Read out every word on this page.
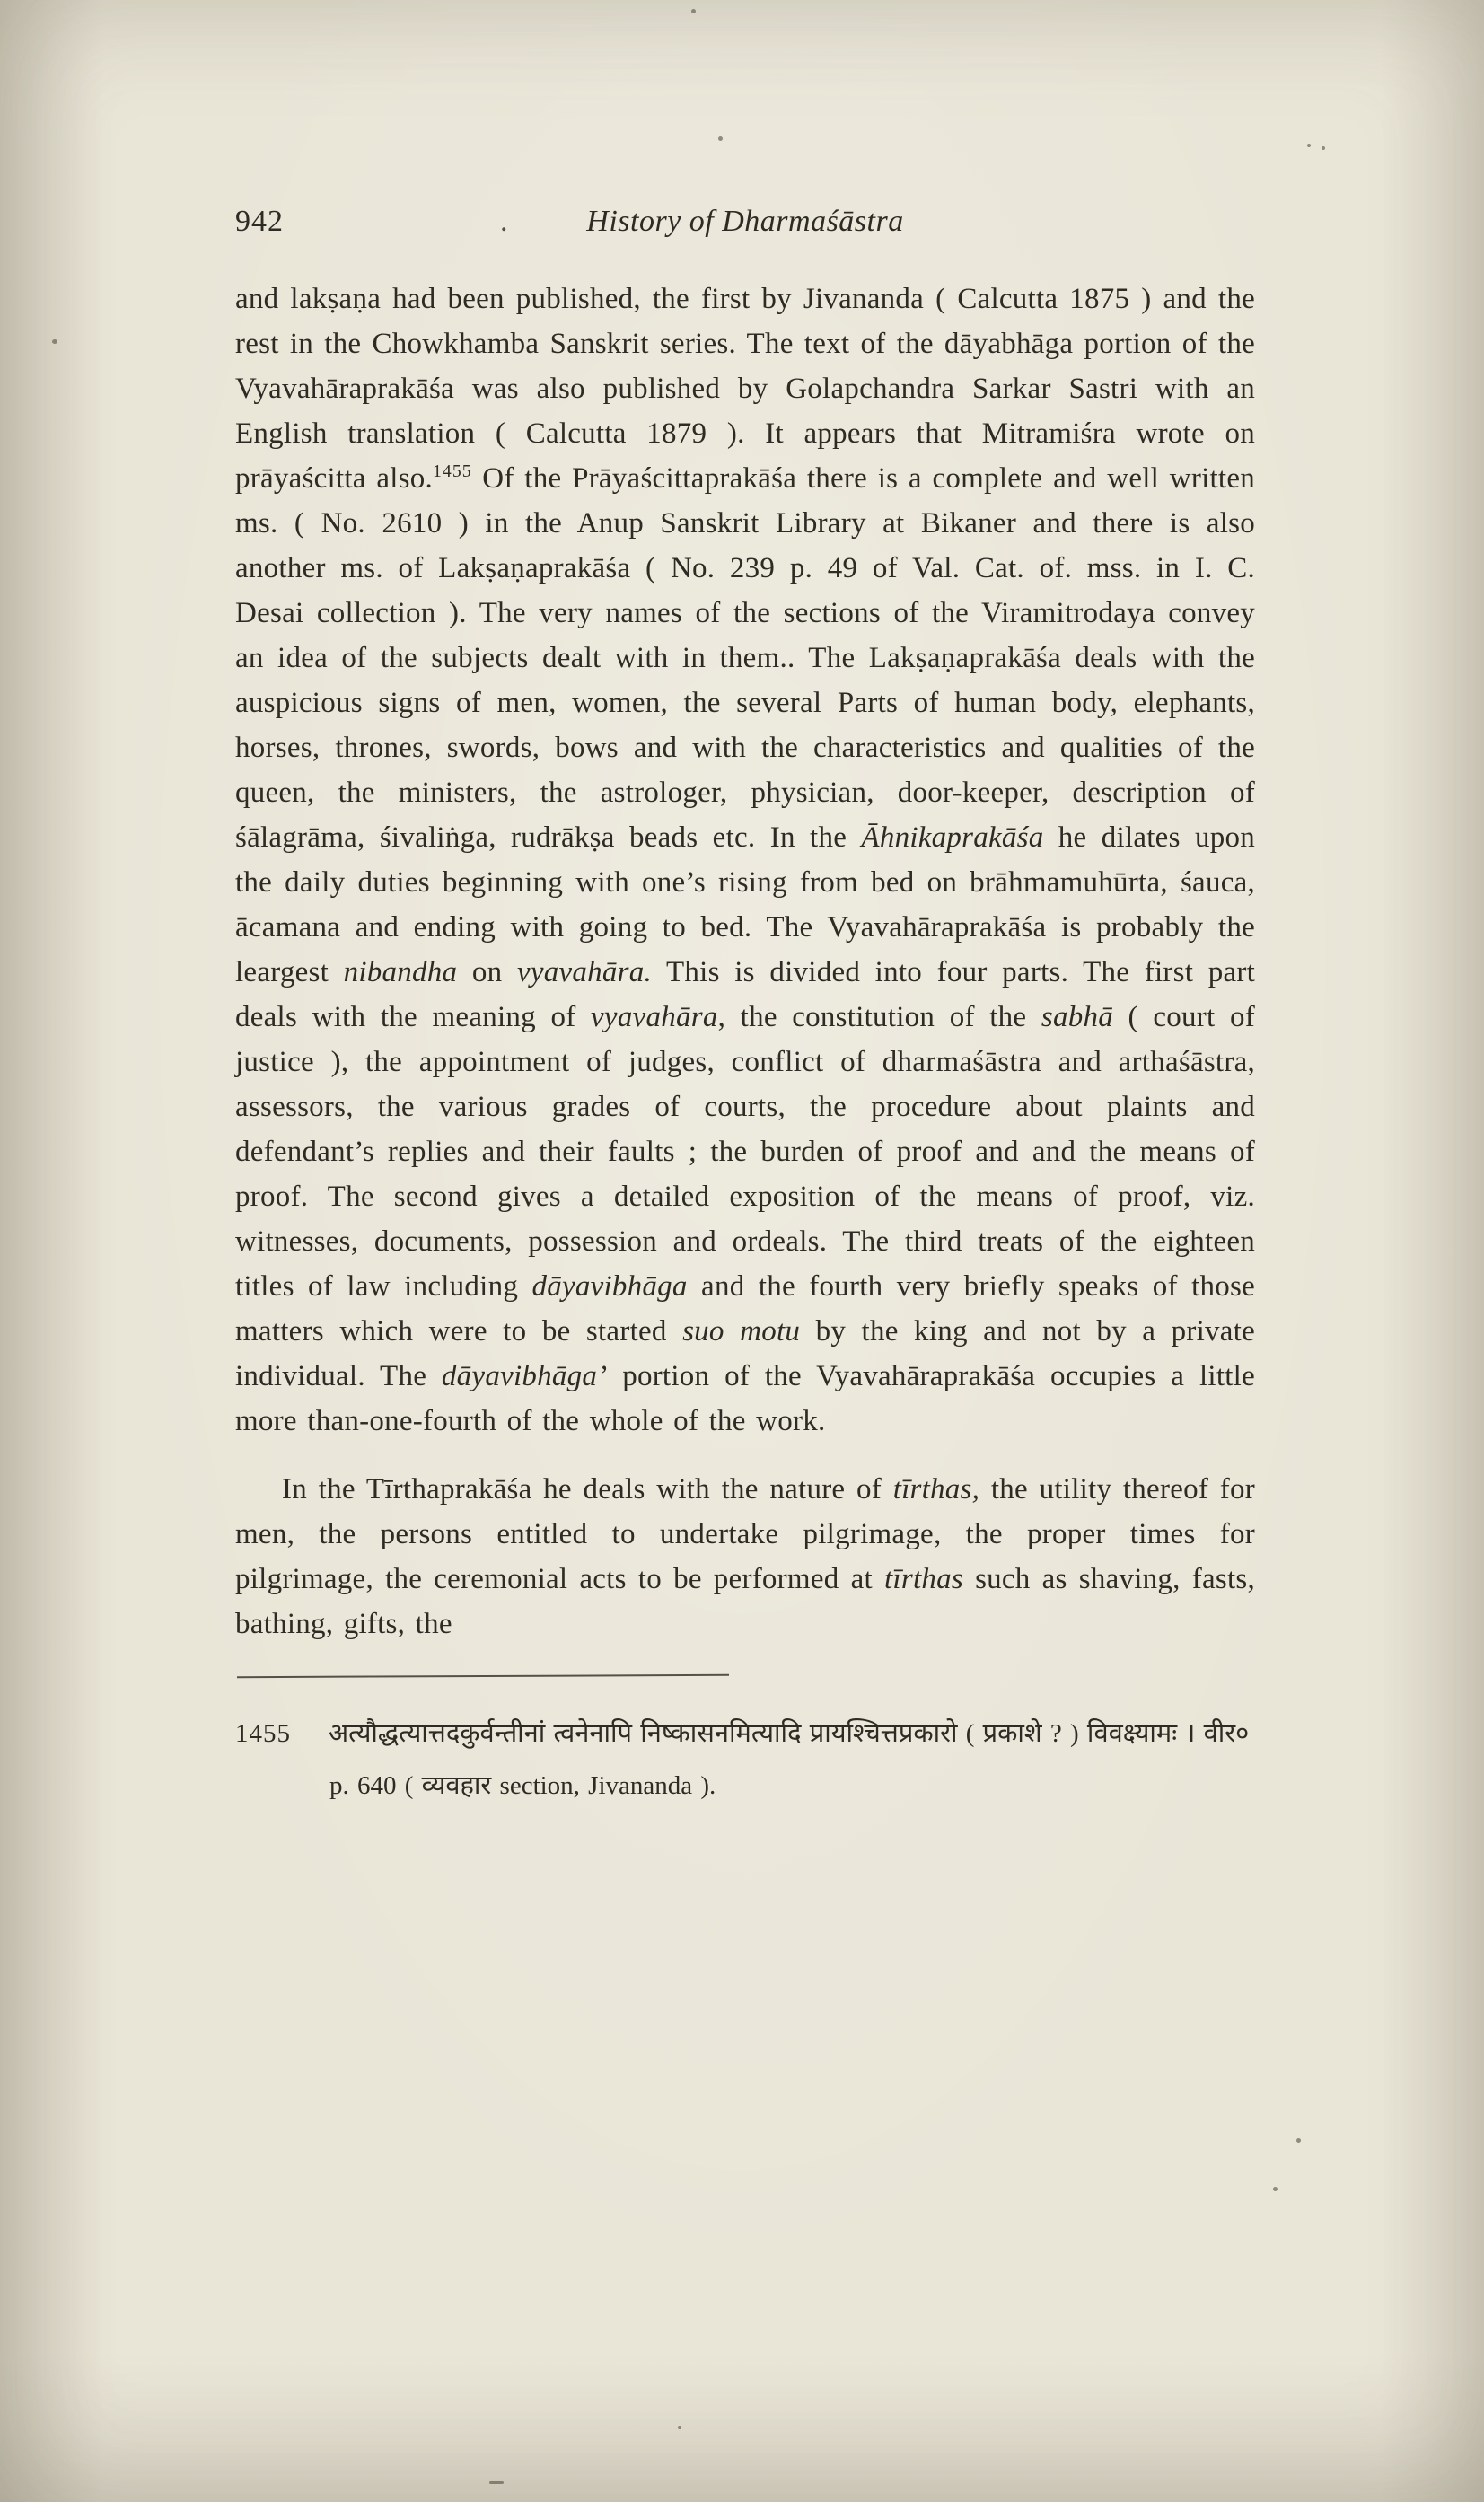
942	.	History of Dharmaśāstra

and lakṣaṇa had been published, the first by Jivananda ( Calcutta 1875 ) and the rest in the Chowkhamba Sanskrit series. The text of the dāyabhāga portion of the Vyavahāraprakāśa was also published by Golapchandra Sarkar Sastri with an English translation ( Calcutta 1879 ). It appears that Mitramiśra wrote on prāyaścitta also.$^{1455}$ Of the Prāyaścittaprakāśa there is a complete and well written ms. ( No. 2610 ) in the Anup Sanskrit Library at Bikaner and there is also another ms. of Lakṣaṇaprakāśa ( No. 239 p. 49 of Val. Cat. of. mss. in I. C. Desai collection ). The very names of the sections of the Viramitrodaya convey an idea of the subjects dealt with in them.. The Lakṣaṇaprakāśa deals with the auspicious signs of men, women, the several Parts of human body, elephants, horses, thrones, swords, bows and with the characteristics and qualities of the queen, the ministers, the astrologer, physician, door-keeper, description of śālagrāma, śivaliṅga, rudrākṣa beads etc. In the Āhnikaprakāśa he dilates upon the daily duties beginning with one’s rising from bed on brāhmamuhūrta, śauca, ācamana and ending with going to bed. The Vyavahāraprakāśa is probably the leargest nibandha on vyavahāra. This is divided into four parts. The first part deals with the meaning of vyavahāra, the constitution of the sabhā ( court of justice ), the appointment of judges, conflict of dharmaśāstra and arthaśāstra, assessors, the various grades of courts, the procedure about plaints and defendant’s replies and their faults ; the burden of proof and and the means of proof. The second gives a detailed exposition of the means of proof, viz. witnesses, documents, possession and ordeals. The third treats of the eighteen titles of law including dāyavibhāga and the fourth very briefly speaks of those matters which were to be started suo motu by the king and not by a private individual. The dāyavibhāga’ portion of the Vyavahāraprakāśa occupies a little more than-one-fourth of the whole of the work.

In the Tīrthaprakāśa he deals with the nature of tīrthas, the utility thereof for men, the persons entitled to undertake pilgrimage, the proper times for pilgrimage, the ceremonial acts to be performed at tīrthas such as shaving, fasts, bathing, gifts, the

1455 अत्यौद्धत्यात्तदकुर्वन्तीनां त्वनेनापि निष्कासनमित्यादि प्रायश्चित्तप्रकारो ( प्रकाशे ? ) विवक्ष्यामः । वीर० p. 640 ( व्यवहार section, Jivananda ).
